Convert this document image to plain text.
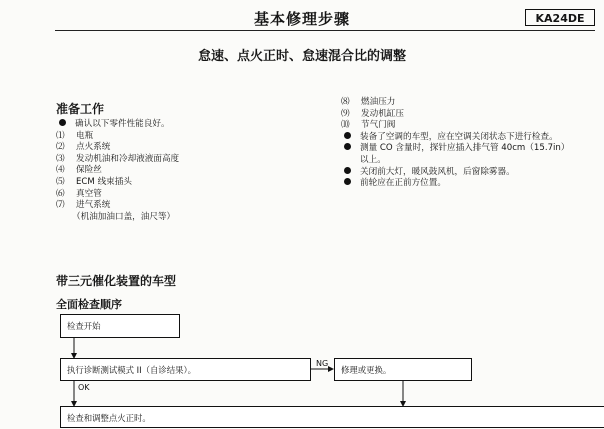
基本修理步骤	KA24DE
怠速、点火正时、怠速混合比的调整
准备工作
确认以下零件性能良好。
⑴ 电瓶
⑵ 点火系统
⑶ 发动机油和冷却液液面高度
⑷ 保险丝
⑸ ECM 线束插头
⑹ 真空管
⑺ 进气系统
（机油加油口盖，油尺等）
⑻ 燃油压力
⑼ 发动机缸压
⑽ 节气门阀
装备了空调的车型，应在空调关闭状态下进行检查。
测量 CO 含量时，探针应插入排气管 40cm（15.7in）
以上。
关闭前大灯，暖风鼓风机，后窗除雾器。
前轮应在正前方位置。
带三元催化装置的车型
全面检查顺序
检查开始
执行诊断测试模式 II（自诊结果）。
NG
修理或更换。
OK
检查和调整点火正时。
